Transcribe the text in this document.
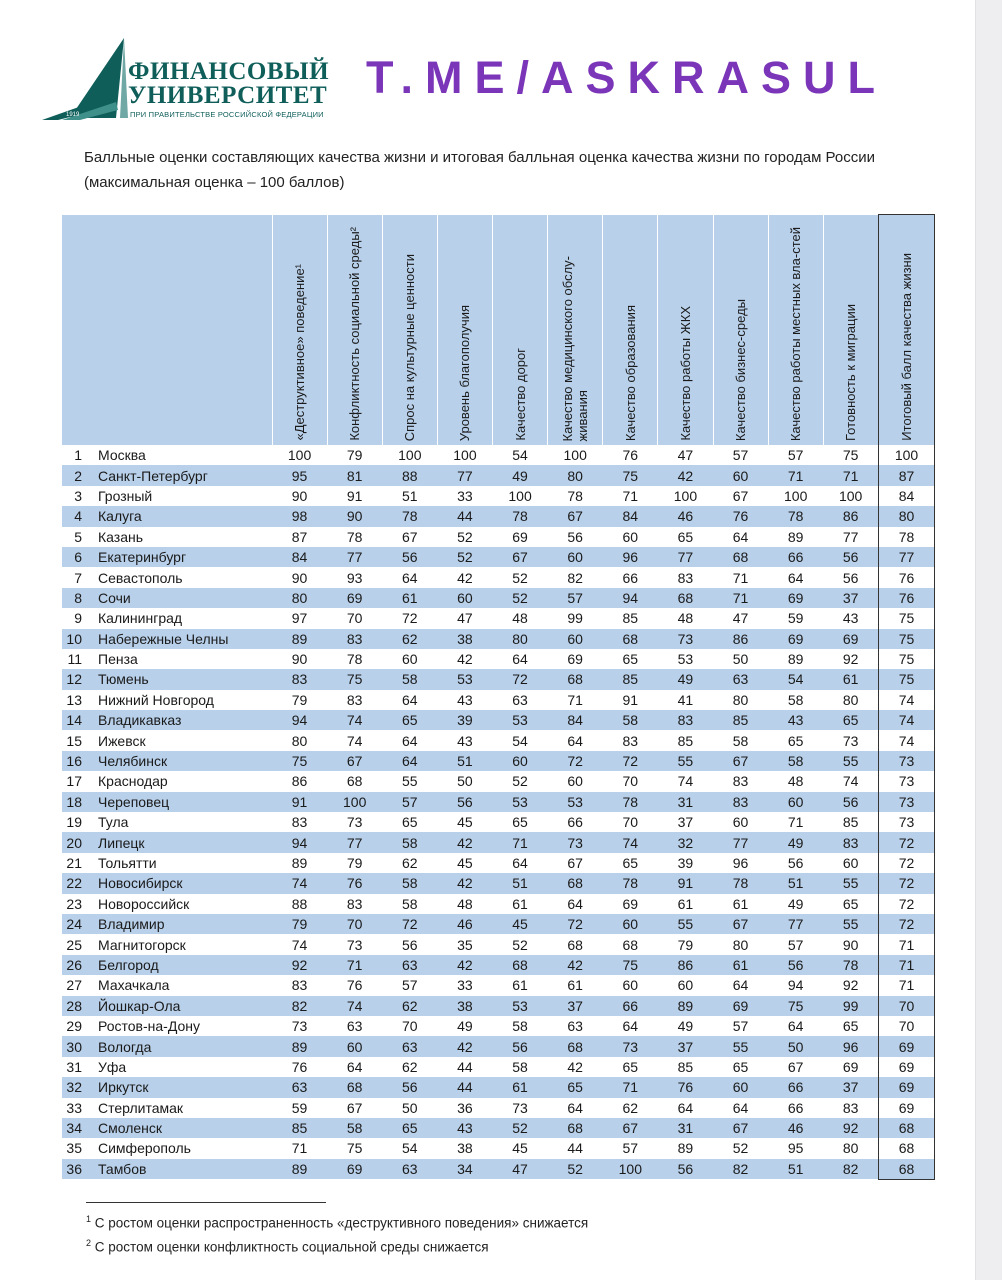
ФИНАНСОВЫЙ
УНИВЕРСИТЕТ
ПРИ ПРАВИТЕЛЬСТВЕ РОССИЙСКОЙ ФЕДЕРАЦИИ
1919
T.ME/ASKRASUL
Балльные оценки составляющих качества жизни и итоговая балльная оценка качества жизни по городам России (максимальная оценка – 100 баллов)

		«Деструктивное» поведение¹	Конфликтность социальной среды²	Спрос на культурные ценности	Уровень благополучия	Качество дорог	Качество медицинского обслу-живания	Качество образования	Качество работы ЖКХ	Качество бизнес-среды	Качество работы местных вла-стей	Готовность к миграции	Итоговый балл качества жизни

1	Москва	100	79	100	100	54	100	76	47	57	57	75	100
2	Санкт-Петербург	95	81	88	77	49	80	75	42	60	71	71	87
3	Грозный	90	91	51	33	100	78	71	100	67	100	100	84
4	Калуга	98	90	78	44	78	67	84	46	76	78	86	80
5	Казань	87	78	67	52	69	56	60	65	64	89	77	78
6	Екатеринбург	84	77	56	52	67	60	96	77	68	66	56	77
7	Севастополь	90	93	64	42	52	82	66	83	71	64	56	76
8	Сочи	80	69	61	60	52	57	94	68	71	69	37	76
9	Калининград	97	70	72	47	48	99	85	48	47	59	43	75
10	Набережные Челны	89	83	62	38	80	60	68	73	86	69	69	75
11	Пенза	90	78	60	42	64	69	65	53	50	89	92	75
12	Тюмень	83	75	58	53	72	68	85	49	63	54	61	75
13	Нижний Новгород	79	83	64	43	63	71	91	41	80	58	80	74
14	Владикавказ	94	74	65	39	53	84	58	83	85	43	65	74
15	Ижевск	80	74	64	43	54	64	83	85	58	65	73	74
16	Челябинск	75	67	64	51	60	72	72	55	67	58	55	73
17	Краснодар	86	68	55	50	52	60	70	74	83	48	74	73
18	Череповец	91	100	57	56	53	53	78	31	83	60	56	73
19	Тула	83	73	65	45	65	66	70	37	60	71	85	73
20	Липецк	94	77	58	42	71	73	74	32	77	49	83	72
21	Тольятти	89	79	62	45	64	67	65	39	96	56	60	72
22	Новосибирск	74	76	58	42	51	68	78	91	78	51	55	72
23	Новороссийск	88	83	58	48	61	64	69	61	61	49	65	72
24	Владимир	79	70	72	46	45	72	60	55	67	77	55	72
25	Магнитогорск	74	73	56	35	52	68	68	79	80	57	90	71
26	Белгород	92	71	63	42	68	42	75	86	61	56	78	71
27	Махачкала	83	76	57	33	61	61	60	60	64	94	92	71
28	Йошкар-Ола	82	74	62	38	53	37	66	89	69	75	99	70
29	Ростов-на-Дону	73	63	70	49	58	63	64	49	57	64	65	70
30	Вологда	89	60	63	42	56	68	73	37	55	50	96	69
31	Уфа	76	64	62	44	58	42	65	85	65	67	69	69
32	Иркутск	63	68	56	44	61	65	71	76	60	66	37	69
33	Стерлитамак	59	67	50	36	73	64	62	64	64	66	83	69
34	Смоленск	85	58	65	43	52	68	67	31	67	46	92	68
35	Симферополь	71	75	54	38	45	44	57	89	52	95	80	68
36	Тамбов	89	69	63	34	47	52	100	56	82	51	82	68
$^1$ С ростом оценки распространенность «деструктивного поведения» снижается
$^2$ С ростом оценки конфликтность социальной среды снижается
